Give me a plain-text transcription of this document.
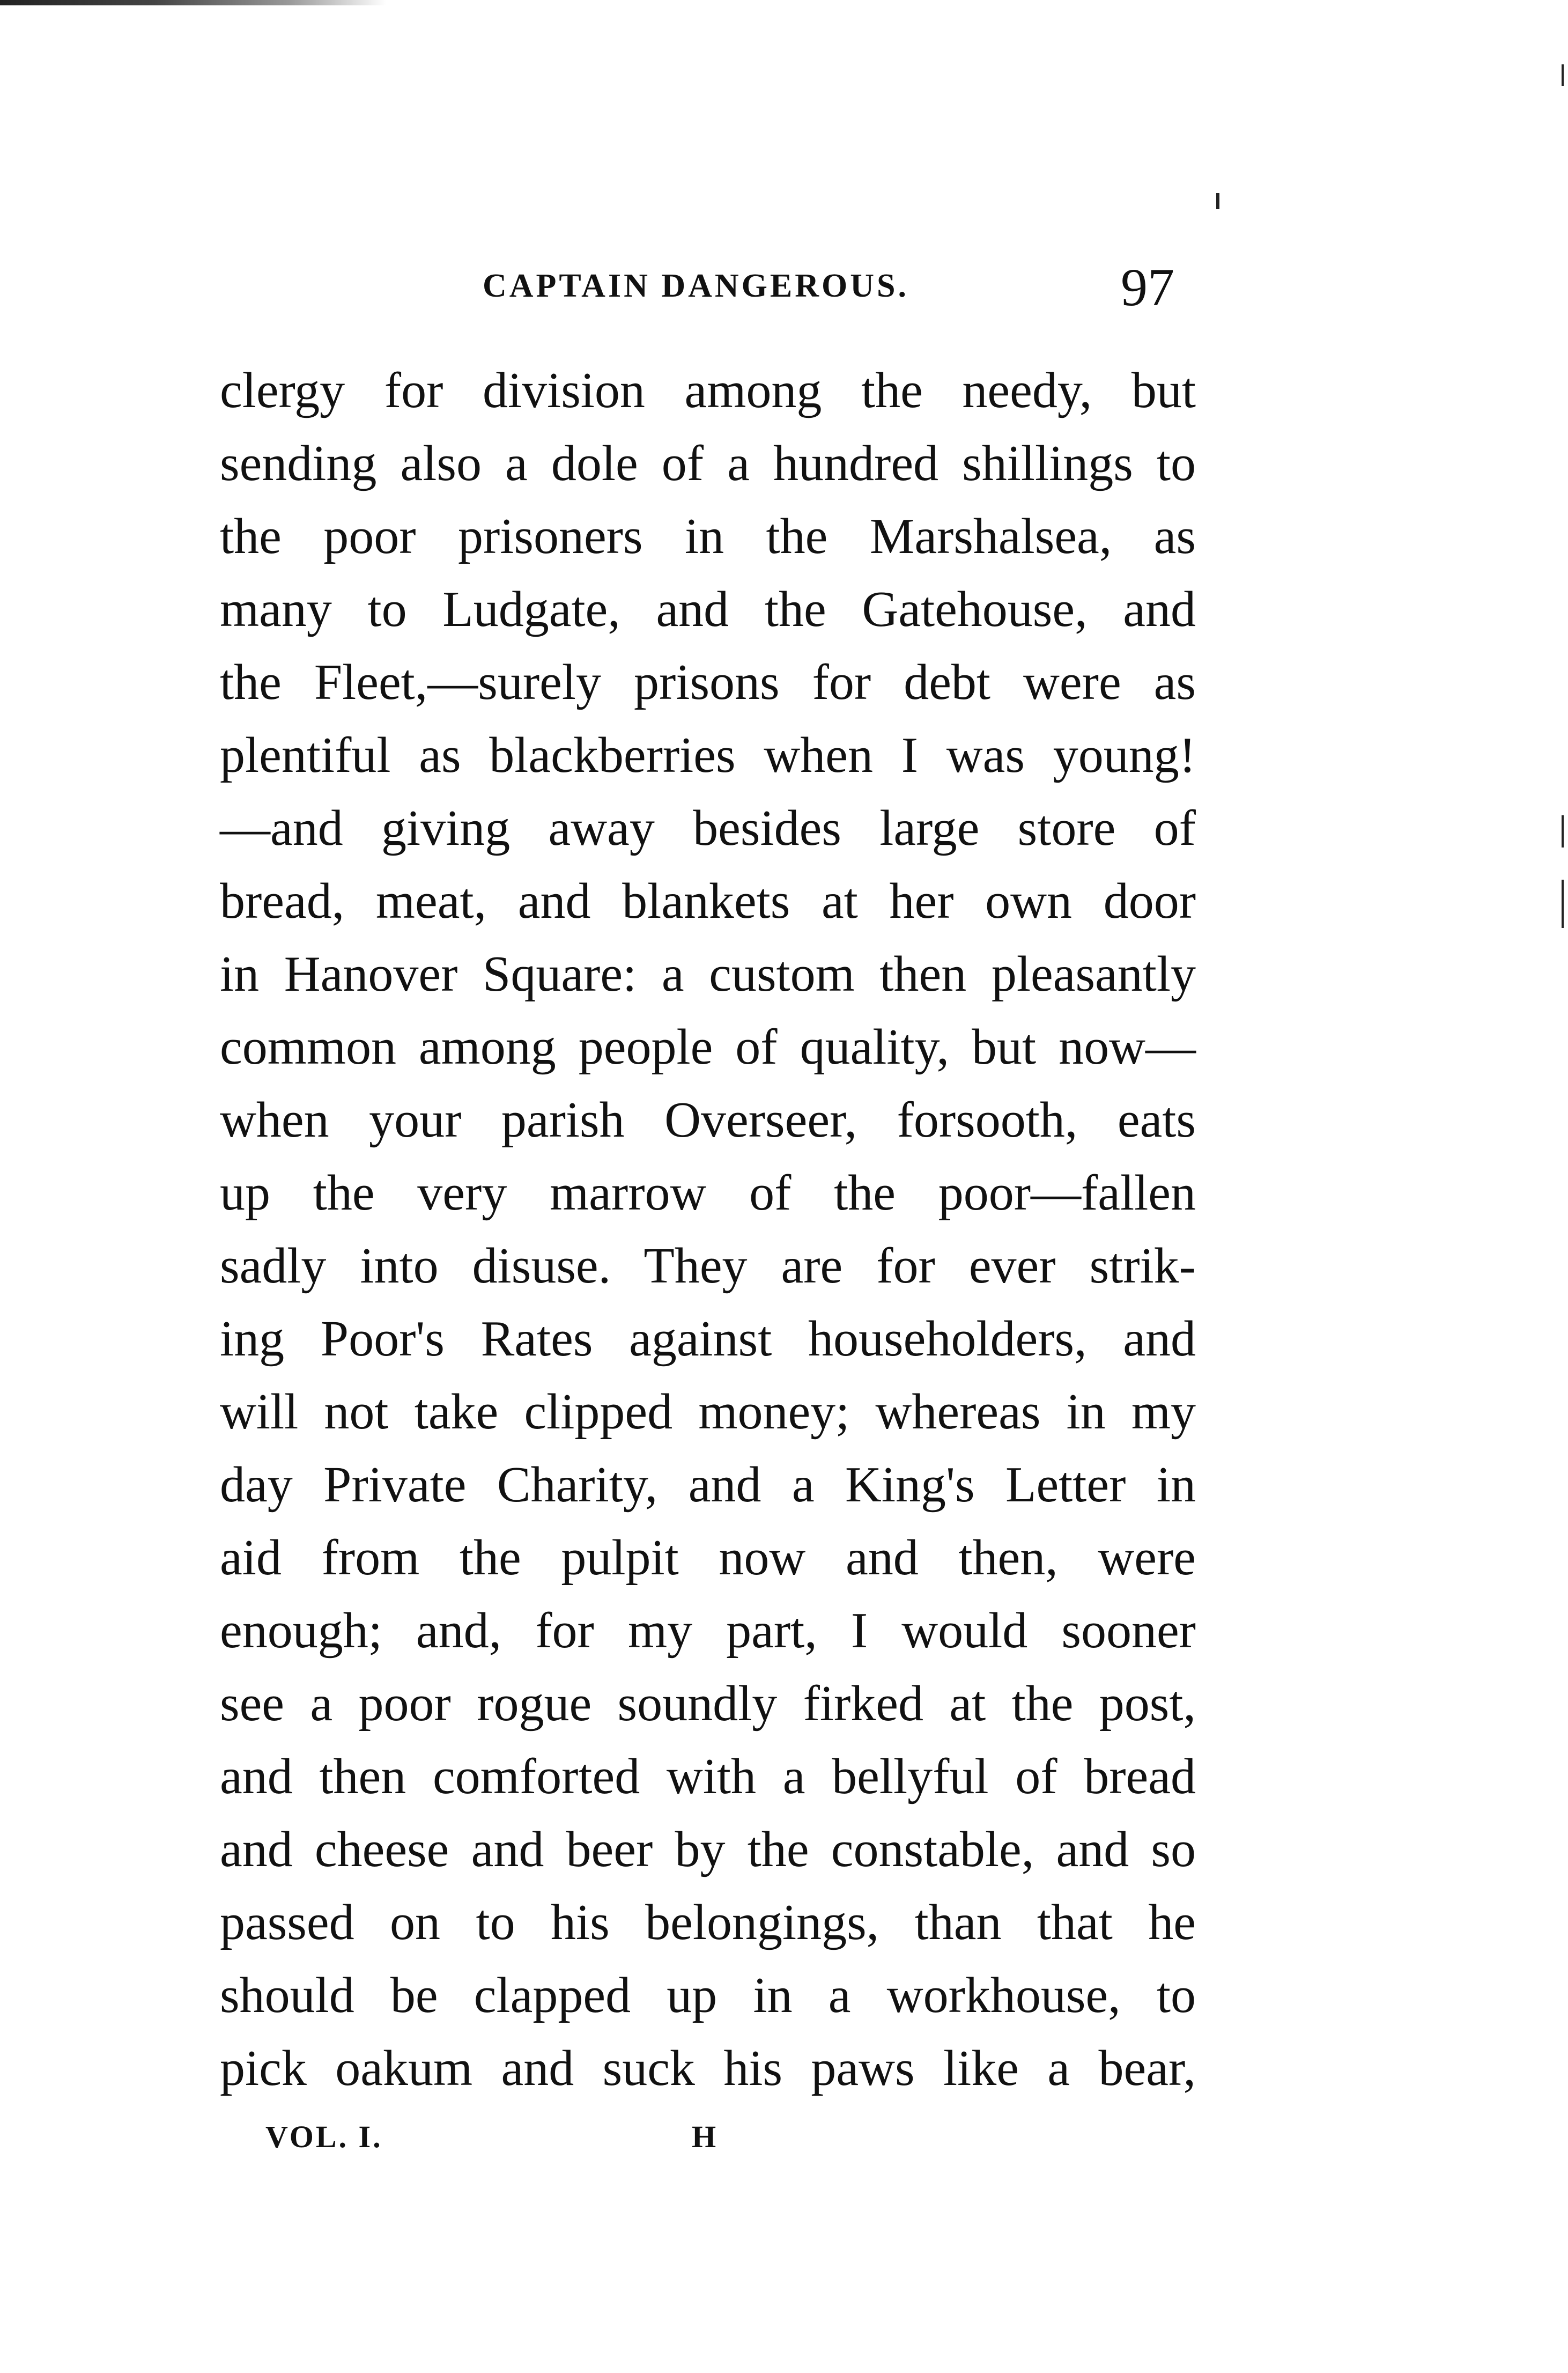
CAPTAIN DANGEROUS.	97
clergy for division among the needy, but
sending also a dole of a hundred shillings to
the poor prisoners in the Marshalsea, as
many to Ludgate, and the Gatehouse, and
the Fleet,—surely prisons for debt were as
plentiful as blackberries when I was young!
—and giving away besides large store of
bread, meat, and blankets at her own door
in Hanover Square: a custom then pleasantly
common among people of quality, but now—
when your parish Overseer, forsooth, eats
up the very marrow of the poor—fallen
sadly into disuse. They are for ever strik-
ing Poor's Rates against householders, and
will not take clipped money; whereas in my
day Private Charity, and a King's Letter in
aid from the pulpit now and then, were
enough; and, for my part, I would sooner
see a poor rogue soundly firked at the post,
and then comforted with a bellyful of bread
and cheese and beer by the constable, and so
passed on to his belongings, than that he
should be clapped up in a workhouse, to
pick oakum and suck his paws like a bear,
VOL. I.	H
